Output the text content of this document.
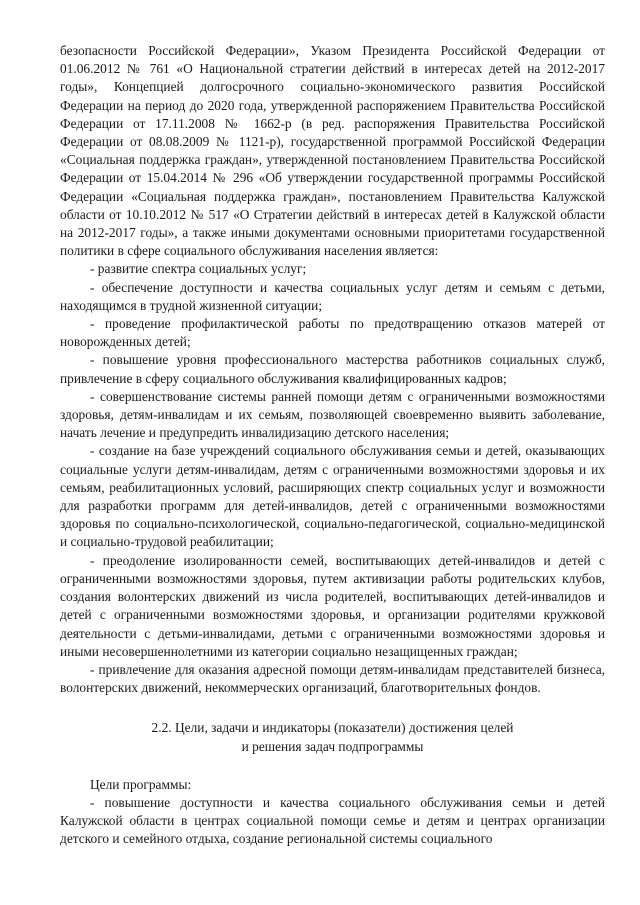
безопасности Российской Федерации», Указом Президента Российской Федерации от 01.06.2012 № 761 «О Национальной стратегии действий в интересах детей на 2012-2017 годы», Концепцией долгосрочного социально-экономического развития Российской Федерации на период до 2020 года, утвержденной распоряжением Правительства Российской Федерации от 17.11.2008 № 1662-р (в ред. распоряжения Правительства Российской Федерации от 08.08.2009 № 1121-р), государственной программой Российской Федерации «Социальная поддержка граждан», утвержденной постановлением Правительства Российской Федерации от 15.04.2014 № 296 «Об утверждении государственной программы Российской Федерации «Социальная поддержка граждан», постановлением Правительства Калужской области от 10.10.2012 № 517 «О Стратегии действий в интересах детей в Калужской области на 2012-2017 годы», а также иными документами основными приоритетами государственной политики в сфере социального обслуживания населения является:

- развитие спектра социальных услуг;

- обеспечение доступности и качества социальных услуг детям и семьям с детьми, находящимся в трудной жизненной ситуации;

- проведение профилактической работы по предотвращению отказов матерей от новорожденных детей;

- повышение уровня профессионального мастерства работников социальных служб, привлечение в сферу социального обслуживания квалифицированных кадров;

- совершенствование системы ранней помощи детям с ограниченными возможностями здоровья, детям-инвалидам и их семьям, позволяющей своевременно выявить заболевание, начать лечение и предупредить инвалидизацию детского населения;

- создание на базе учреждений социального обслуживания семьи и детей, оказывающих социальные услуги детям-инвалидам, детям с ограниченными возможностями здоровья и их семьям, реабилитационных условий, расширяющих спектр социальных услуг и возможности для разработки программ для детей-инвалидов, детей с ограниченными возможностями здоровья по социально-психологической, социально-педагогической, социально-медицинской и социально-трудовой реабилитации;

- преодоление изолированности семей, воспитывающих детей-инвалидов и детей с ограниченными возможностями здоровья, путем активизации работы родительских клубов, создания волонтерских движений из числа родителей, воспитывающих детей-инвалидов и детей с ограниченными возможностями здоровья, и организации родителями кружковой деятельности с детьми-инвалидами, детьми с ограниченными возможностями здоровья и иными несовершеннолетними из категории социально незащищенных граждан;

- привлечение для оказания адресной помощи детям-инвалидам представителей бизнеса, волонтерских движений, некоммерческих организаций, благотворительных фондов.

2.2. Цели, задачи и индикаторы (показатели) достижения целей
и решения задач подпрограммы

Цели программы:

- повышение доступности и качества социального обслуживания семьи и детей Калужской области в центрах социальной помощи семье и детям и центрах организации детского и семейного отдыха, создание региональной системы социального
